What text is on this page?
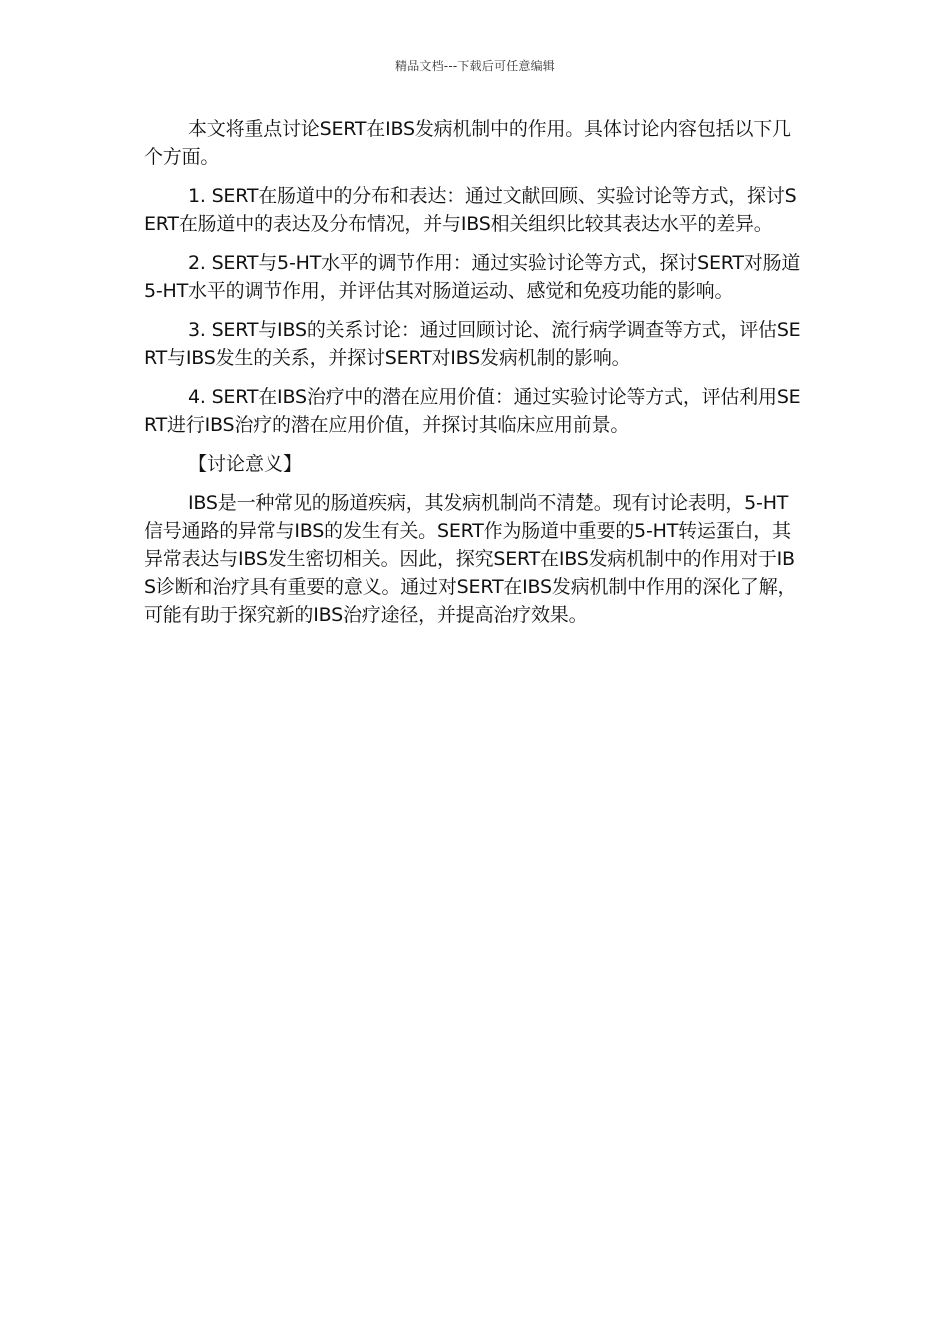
精品文档---下载后可任意编辑

本文将重点讨论SERT在IBS发病机制中的作用。具体讨论内容包括以下几个方面。

1. SERT在肠道中的分布和表达：通过文献回顾、实验讨论等方式，探讨SERT在肠道中的表达及分布情况，并与IBS相关组织比较其表达水平的差异。

2. SERT与5-HT水平的调节作用：通过实验讨论等方式，探讨SERT对肠道5-HT水平的调节作用，并评估其对肠道运动、感觉和免疫功能的影响。

3. SERT与IBS的关系讨论：通过回顾讨论、流行病学调查等方式，评估SERT与IBS发生的关系，并探讨SERT对IBS发病机制的影响。

4. SERT在IBS治疗中的潜在应用价值：通过实验讨论等方式，评估利用SERT进行IBS治疗的潜在应用价值，并探讨其临床应用前景。

【讨论意义】

IBS是一种常见的肠道疾病，其发病机制尚不清楚。现有讨论表明，5-HT信号通路的异常与IBS的发生有关。SERT作为肠道中重要的5-HT转运蛋白，其异常表达与IBS发生密切相关。因此，探究SERT在IBS发病机制中的作用对于IBS诊断和治疗具有重要的意义。通过对SERT在IBS发病机制中作用的深化了解，可能有助于探究新的IBS治疗途径，并提高治疗效果。
